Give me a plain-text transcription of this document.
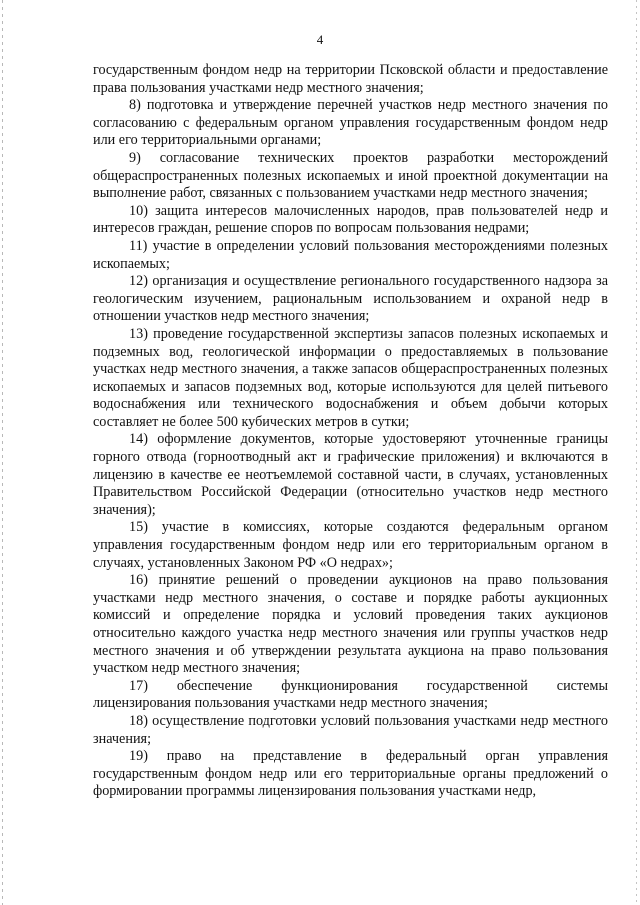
4

государственным фондом недр на территории Псковской области и предоставление права пользования участками недр местного значения;

8) подготовка и утверждение перечней участков недр местного значения по согласованию с федеральным органом управления государственным фондом недр или его территориальными органами;

9) согласование технических проектов разработки месторождений общераспространенных полезных ископаемых и иной проектной документации на выполнение работ, связанных с пользованием участками недр местного значения;

10) защита интересов малочисленных народов, прав пользователей недр и интересов граждан, решение споров по вопросам пользования недрами;

11) участие в определении условий пользования месторождениями полезных ископаемых;

12) организация и осуществление регионального государственного надзора за геологическим изучением, рациональным использованием и охраной недр в отношении участков недр местного значения;

13) проведение государственной экспертизы запасов полезных ископаемых и подземных вод, геологической информации о предоставляемых в пользование участках недр местного значения, а также запасов общераспространенных полезных ископаемых и запасов подземных вод, которые используются для целей питьевого водоснабжения или технического водоснабжения и объем добычи которых составляет не более 500 кубических метров в сутки;

14) оформление документов, которые удостоверяют уточненные границы горного отвода (горноотводный акт и графические приложения) и включаются в лицензию в качестве ее неотъемлемой составной части, в случаях, установленных Правительством Российской Федерации (относительно участков недр местного значения);

15) участие в комиссиях, которые создаются федеральным органом управления государственным фондом недр или его территориальным органом в случаях, установленных Законом РФ «О недрах»;

16) принятие решений о проведении аукционов на право пользования участками недр местного значения, о составе и порядке работы аукционных комиссий и определение порядка и условий проведения таких аукционов относительно каждого участка недр местного значения или группы участков недр местного значения и об утверждении результата аукциона на право пользования участком недр местного значения;

17) обеспечение функционирования государственной системы лицензирования пользования участками недр местного значения;

18) осуществление подготовки условий пользования участками недр местного значения;

19) право на представление в федеральный орган управления государственным фондом недр или его территориальные органы предложений о формировании программы лицензирования пользования участками недр,
